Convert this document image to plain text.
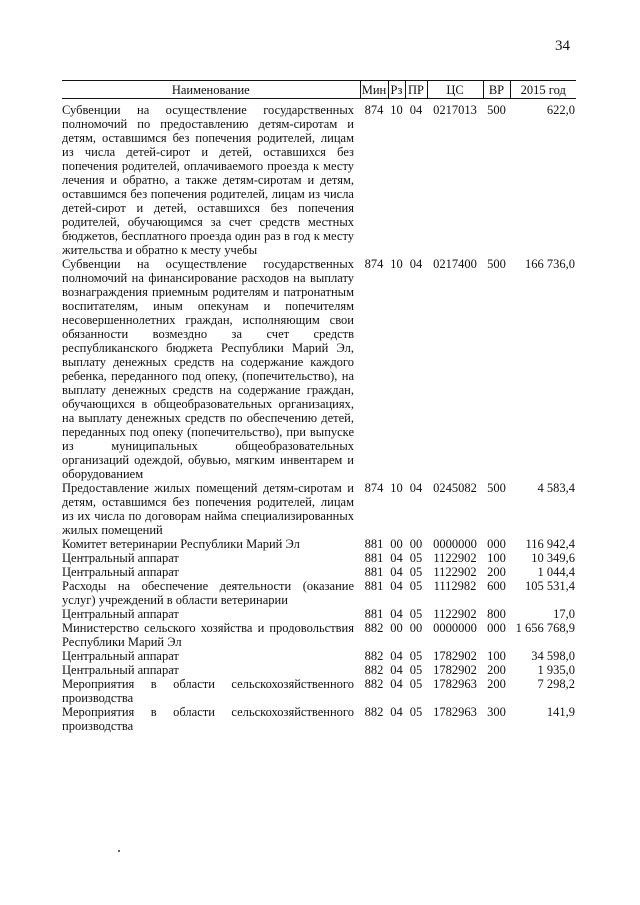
34
Наименование	Мин	Рз	ПР	ЦС	ВР	2015 год
Субвенции на осуществление государственных полномочий по предоставлению детям-сиротам и детям, оставшимся без попечения родителей, лицам из числа детей-сирот и детей, оставшихся без попечения родителей, оплачиваемого проезда к месту лечения и обратно, а также детям-сиротам и детям, оставшимся без попечения родителей, лицам из числа детей-сирот и детей, оставшихся без попечения родителей, обучающимся за счет средств местных бюджетов, бесплатного проезда один раз в год к месту жительства и обратно к месту учебы	874	10	04	0217013	500	622,0
Субвенции на осуществление государственных полномочий на финансирование расходов на выплату вознаграждения приемным родителям и патронатным воспитателям, иным опекунам и попечителям несовершеннолетних граждан, исполняющим свои обязанности возмездно за счет средств республиканского бюджета Республики Марий Эл, выплату денежных средств на содержание каждого ребенка, переданного под опеку, (попечительство), на выплату денежных средств на содержание граждан, обучающихся в общеобразовательных организациях, на выплату денежных средств по обеспечению детей, переданных под опеку (попечительство), при выпуске из муниципальных общеобразовательных организаций одеждой, обувью, мягким инвентарем и оборудованием	874	10	04	0217400	500	166 736,0
Предоставление жилых помещений детям-сиротам и детям, оставшимся без попечения родителей, лицам из их числа по договорам найма специализированных жилых помещений	874	10	04	0245082	500	4 583,4
Комитет ветеринарии Республики Марий Эл	881	00	00	0000000	000	116 942,4
Центральный аппарат	881	04	05	1122902	100	10 349,6
Центральный аппарат	881	04	05	1122902	200	1 044,4
Расходы на обеспечение деятельности (оказание услуг) учреждений в области ветеринарии	881	04	05	1112982	600	105 531,4
Центральный аппарат	881	04	05	1122902	800	17,0
Министерство сельского хозяйства и продовольствия Республики Марий Эл	882	00	00	0000000	000	1 656 768,9
Центральный аппарат	882	04	05	1782902	100	34 598,0
Центральный аппарат	882	04	05	1782902	200	1 935,0
Мероприятия в области сельскохозяйственного производства	882	04	05	1782963	200	7 298,2
Мероприятия в области сельскохозяйственного производства	882	04	05	1782963	300	141,9
